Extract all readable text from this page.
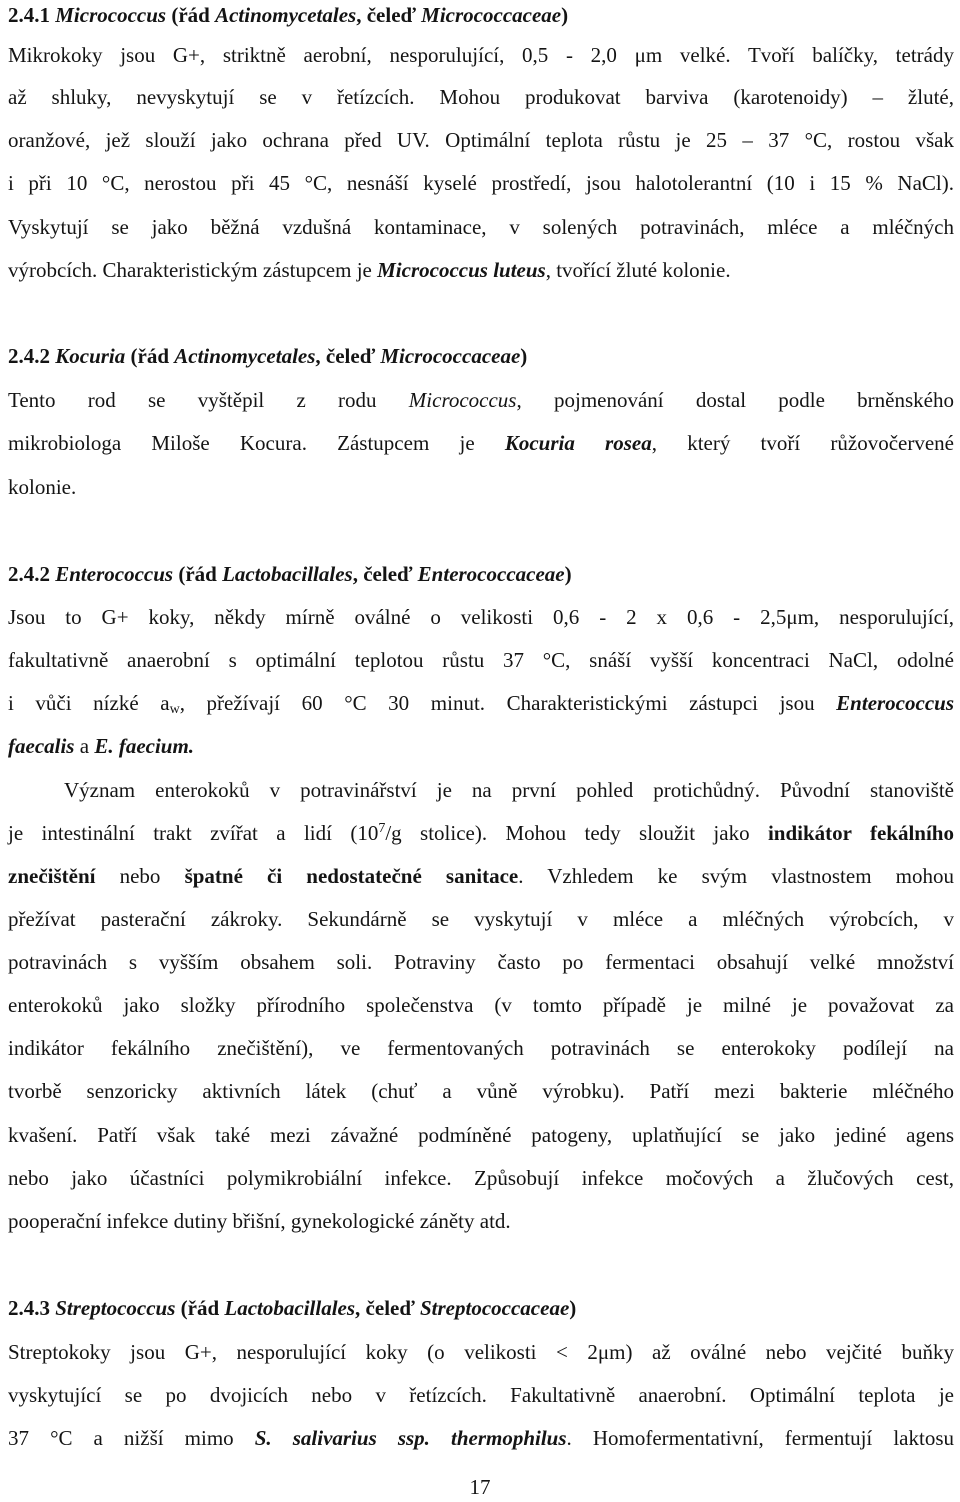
2.4.1 Micrococcus (řád Actinomycetales, čeleď Micrococcaceae)
Mikrokoky jsou G+, striktně aerobní, nesporulující, 0,5 - 2,0 μm velké. Tvoří balíčky, tetrády
až shluky, nevyskytují se v řetízcích. Mohou produkovat barviva (karotenoidy) – žluté,
oranžové, jež slouží jako ochrana před UV. Optimální teplota růstu je 25 – 37 °C, rostou však
i při 10 °C, nerostou při 45 °C, nesnáší kyselé prostředí, jsou halotolerantní (10 i 15 % NaCl).
Vyskytují se jako běžná vzdušná kontaminace, v solených potravinách, mléce a mléčných
výrobcích. Charakteristickým zástupcem je Micrococcus luteus, tvořící žluté kolonie.
2.4.2 Kocuria (řád Actinomycetales, čeleď Micrococcaceae)
Tento rod se vyštěpil z rodu Micrococcus, pojmenování dostal podle brněnského
mikrobiologa Miloše Kocura. Zástupcem je Kocuria rosea, který tvoří růžovočervené
kolonie.
2.4.2 Enterococcus (řád Lactobacillales, čeleď Enterococcaceae)
Jsou to G+ koky, někdy mírně oválné o velikosti 0,6 - 2 x 0,6 - 2,5μm, nesporulující,
fakultativně anaerobní s optimální teplotou růstu 37 °C, snáší vyšší koncentraci NaCl, odolné
i vůči nízké $a_w$, přežívají 60 °C 30 minut. Charakteristickými zástupci jsou Enterococcus
faecalis a E. faecium.
Význam enterokoků v potravinářství je na první pohled protichůdný. Původní stanoviště
je intestinální trakt zvířat a lidí ($10^7/g$ stolice). Mohou tedy sloužit jako indikátor fekálního
znečištění nebo špatné či nedostatečné sanitace. Vzhledem ke svým vlastnostem mohou
přežívat pasterační zákroky. Sekundárně se vyskytují v mléce a mléčných výrobcích, v
potravinách s vyšším obsahem soli. Potraviny často po fermentaci obsahují velké množství
enterokoků jako složky přírodního společenstva (v tomto případě je milné je považovat za
indikátor fekálního znečištění), ve fermentovaných potravinách se enterokoky podílejí na
tvorbě senzoricky aktivních látek (chuť a vůně výrobku). Patří mezi bakterie mléčného
kvašení. Patří však také mezi závažné podmíněné patogeny, uplatňující se jako jediné agens
nebo jako účastníci polymikrobiální infekce. Způsobují infekce močových a žlučových cest,
pooperační infekce dutiny břišní, gynekologické záněty atd.
2.4.3 Streptococcus (řád Lactobacillales, čeleď Streptococcaceae)
Streptokoky jsou G+, nesporulující koky (o velikosti < 2μm) až oválné nebo vejčité buňky
vyskytující se po dvojicích nebo v řetízcích. Fakultativně anaerobní. Optimální teplota je
37 °C a nižší mimo S. salivarius ssp. thermophilus. Homofermentativní, fermentují laktosu
17
